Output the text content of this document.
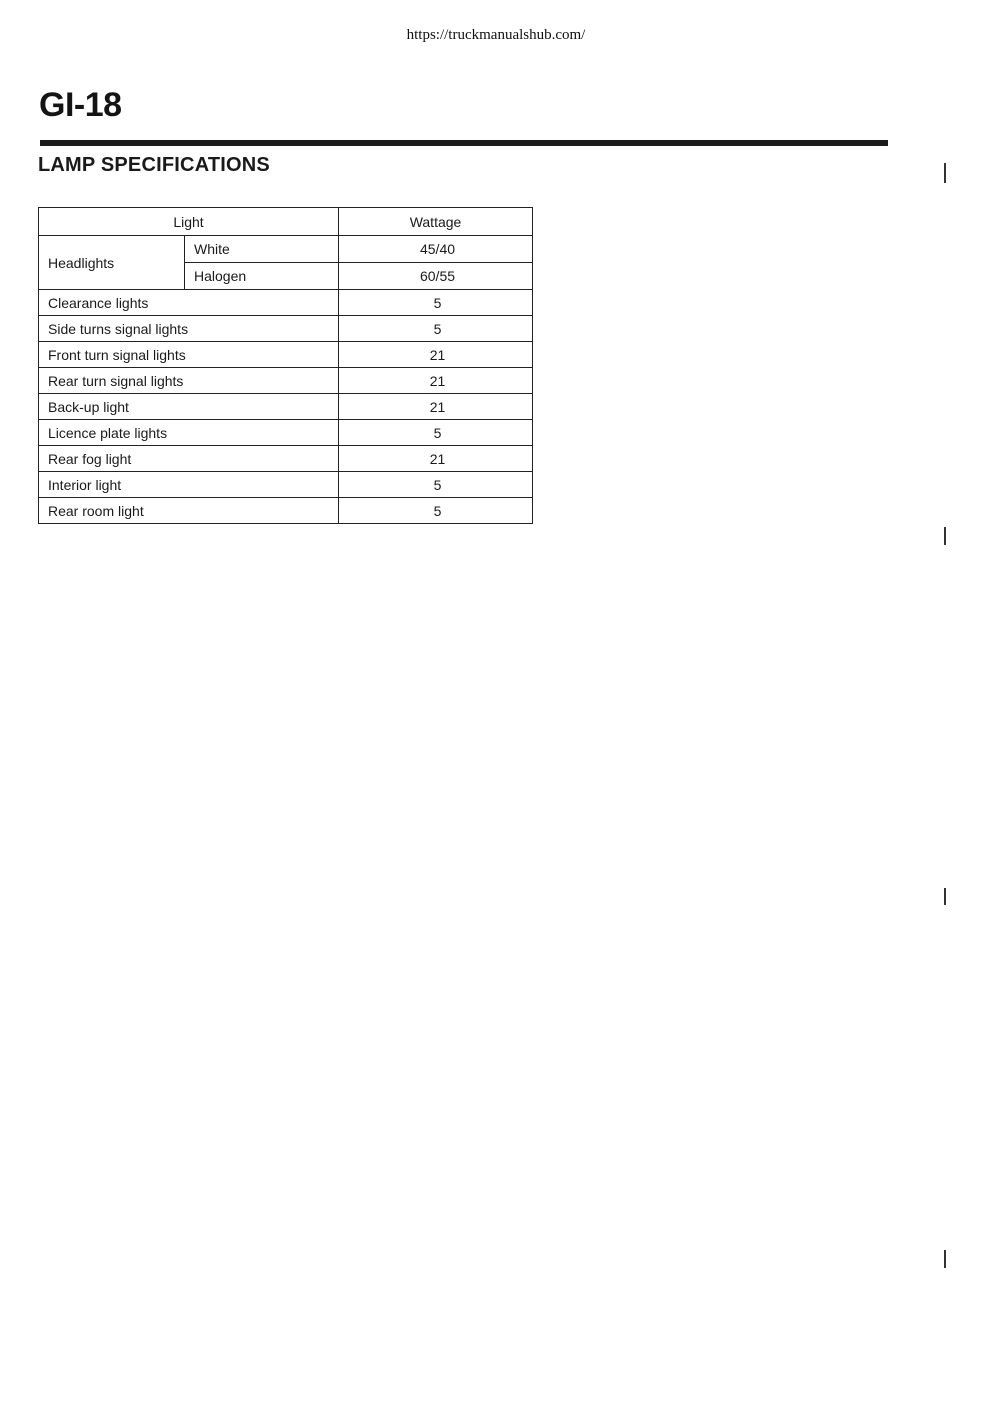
https://truckmanualshub.com/
GI-18
LAMP SPECIFICATIONS
Light		Wattage
Headlights	White	45/40
	Halogen	60/55
Clearance lights		5
Side turns signal lights		5
Front turn signal lights		21
Rear turn signal lights		21
Back-up light		21
Licence plate lights		5
Rear fog light		21
Interior light		5
Rear room light		5
